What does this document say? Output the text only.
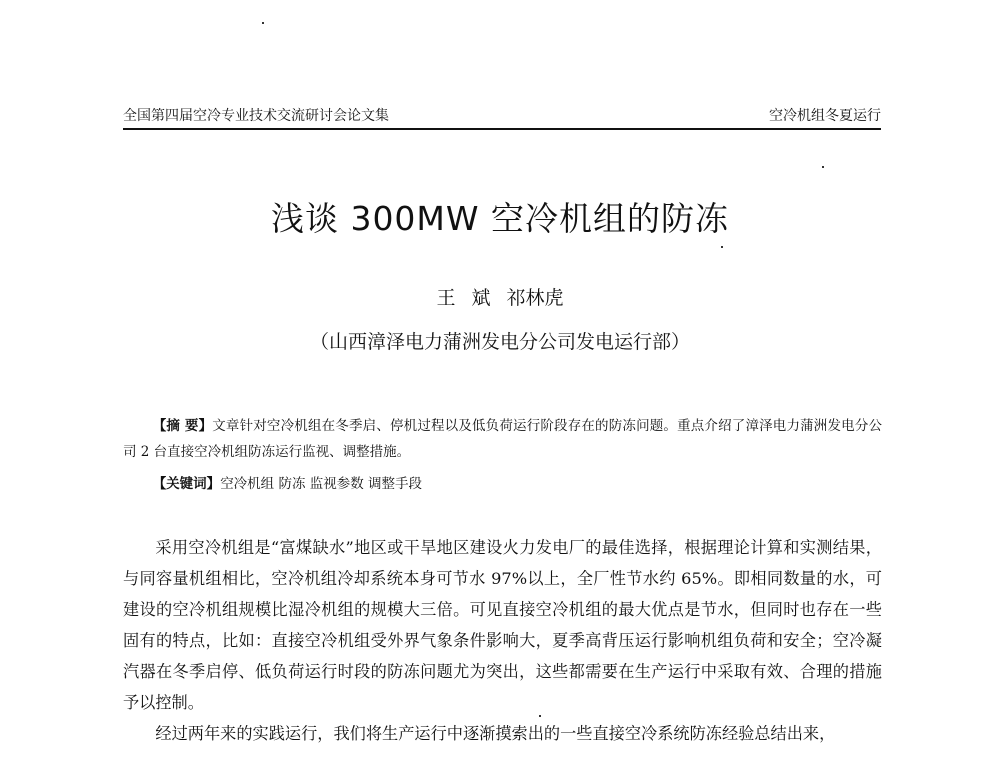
全国第四届空冷专业技术交流研讨会论文集	空冷机组冬夏运行
浅谈 300MW 空冷机组的防冻
王 斌 祁林虎
（山西漳泽电力蒲洲发电分公司发电运行部）
【摘 要】文章针对空冷机组在冬季启、停机过程以及低负荷运行阶段存在的防冻问题。重点介绍了漳泽电力蒲洲发电分公司 2 台直接空冷机组防冻运行监视、调整措施。
【关键词】空冷机组 防冻 监视参数 调整手段

采用空冷机组是“富煤缺水”地区或干旱地区建设火力发电厂的最佳选择，根据理论计算和实测结果，与同容量机组相比，空冷机组冷却系统本身可节水 97%以上，全厂性节水约 65%。即相同数量的水，可建设的空冷机组规模比湿冷机组的规模大三倍。可见直接空冷机组的最大优点是节水，但同时也存在一些固有的特点，比如：直接空冷机组受外界气象条件影响大，夏季高背压运行影响机组负荷和安全；空冷凝汽器在冬季启停、低负荷运行时段的防冻问题尤为突出，这些都需要在生产运行中采取有效、合理的措施予以控制。

经过两年来的实践运行，我们将生产运行中逐渐摸索出的一些直接空冷系统防冻经验总结出来，
